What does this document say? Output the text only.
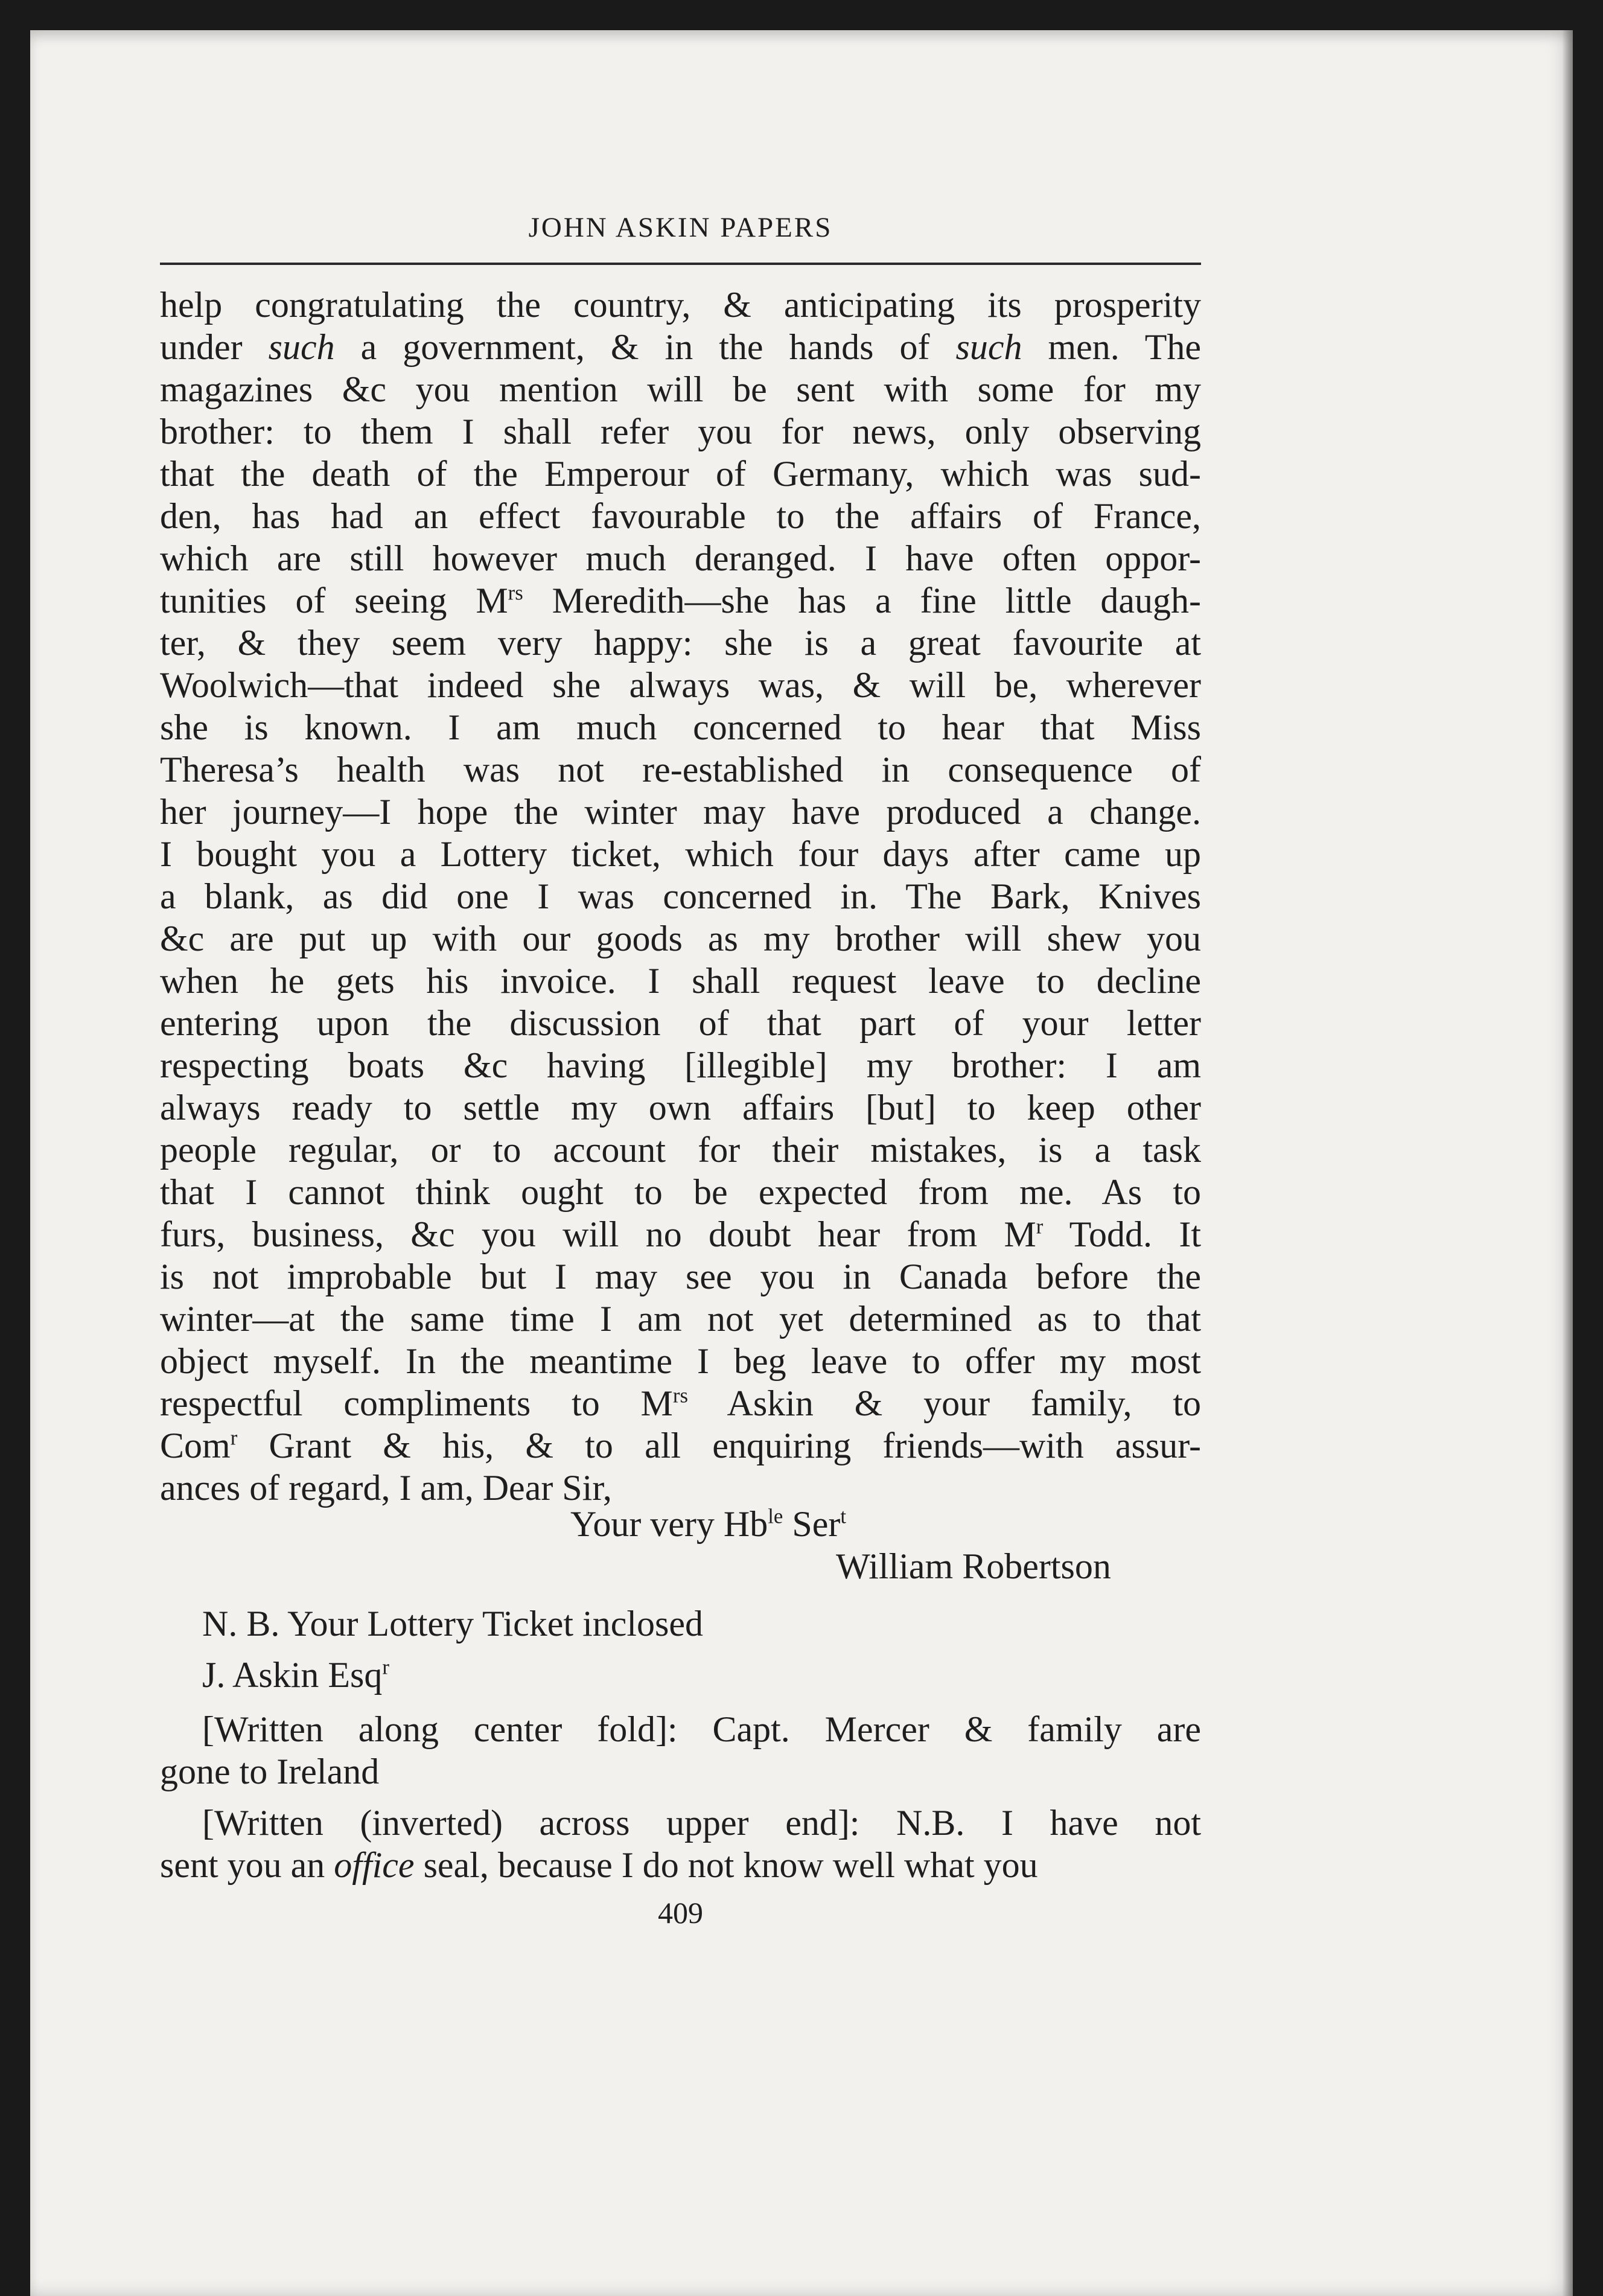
JOHN ASKIN PAPERS
help congratulating the country, & anticipating its prosperity
under such a government, & in the hands of such men. The
magazines &c you mention will be sent with some for my
brother: to them I shall refer you for news, only observing
that the death of the Emperour of Germany, which was sud-
den, has had an effect favourable to the affairs of France,
which are still however much deranged. I have often oppor-
tunities of seeing $M^{rs}$ Meredith—she has a fine little daugh-
ter, & they seem very happy: she is a great favourite at
Woolwich—that indeed she always was, & will be, wherever
she is known. I am much concerned to hear that Miss
Theresa’s health was not re-established in consequence of
her journey—I hope the winter may have produced a change.
I bought you a Lottery ticket, which four days after came up
a blank, as did one I was concerned in. The Bark, Knives
&c are put up with our goods as my brother will shew you
when he gets his invoice. I shall request leave to decline
entering upon the discussion of that part of your letter
respecting boats &c having [illegible] my brother: I am
always ready to settle my own affairs [but] to keep other
people regular, or to account for their mistakes, is a task
that I cannot think ought to be expected from me. As to
furs, business, &c you will no doubt hear from $M^r$ Todd. It
is not improbable but I may see you in Canada before the
winter—at the same time I am not yet determined as to that
object myself. In the meantime I beg leave to offer my most
respectful compliments to $M^{rs}$ Askin & your family, to
Com$^r$ Grant & his, & to all enquiring friends—with assur-
ances of regard, I am, Dear Sir,
Your very $Hb^{le}$ Ser$^t$
William Robertson
N. B. Your Lottery Ticket inclosed
J. Askin Esq$^r$
[Written along center fold]: Capt. Mercer & family are
gone to Ireland
[Written (inverted) across upper end]: N.B. I have not
sent you an office seal, because I do not know well what you
409
